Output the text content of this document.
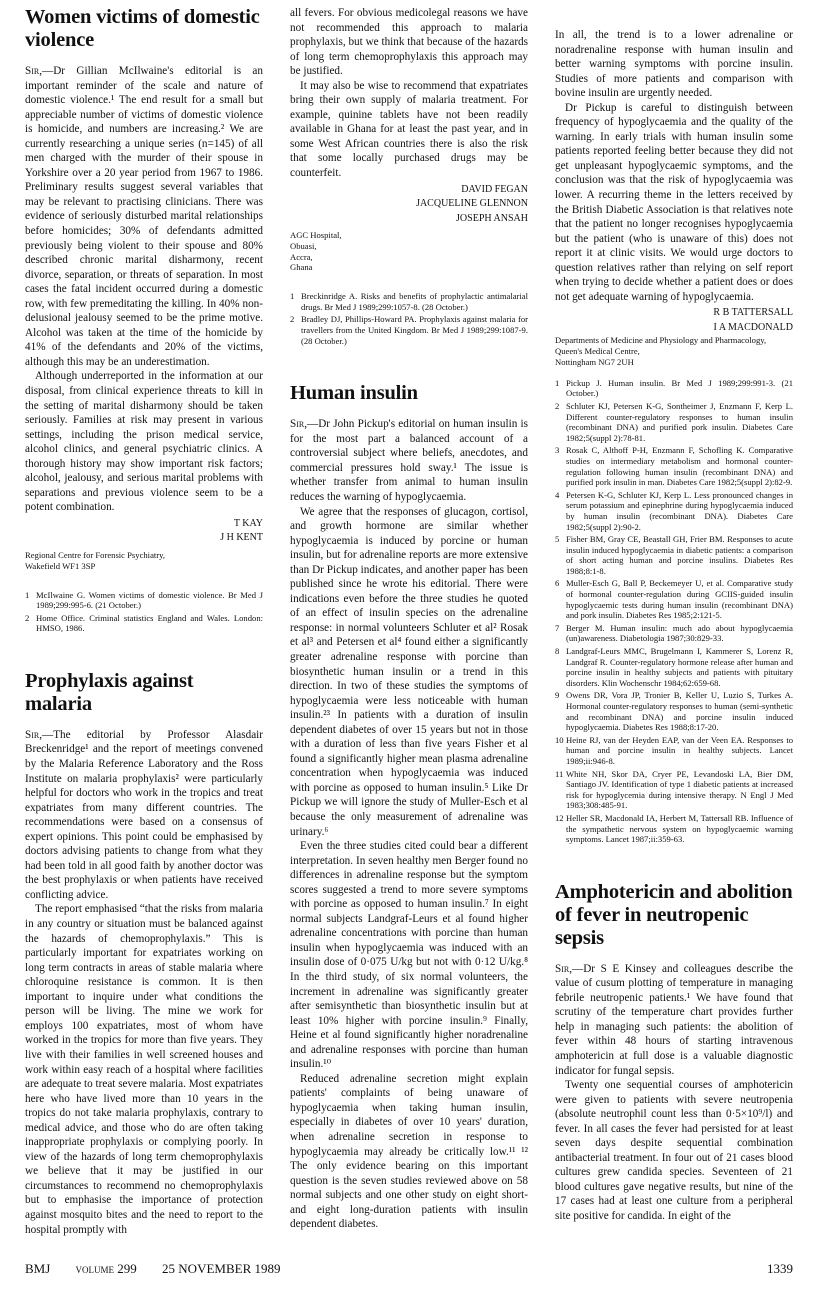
Women victims of domestic violence

Sir,—Dr Gillian McIlwaine's editorial is an important reminder of the scale and nature of domestic violence.¹ The end result for a small but appreciable number of victims of domestic violence is homicide, and numbers are increasing.² We are currently researching a unique series (n=145) of all men charged with the murder of their spouse in Yorkshire over a 20 year period from 1967 to 1986. Preliminary results suggest several variables that may be relevant to practising clinicians. There was evidence of seriously disturbed marital relationships before homicides; 30% of defendants admitted previously being violent to their spouse and 80% described chronic marital disharmony, recent divorce, separation, or threats of separation. In most cases the fatal incident occurred during a domestic row, with few premeditating the killing. In 40% non-delusional jealousy seemed to be the prime motive. Alcohol was taken at the time of the homicide by 41% of the defendants and 20% of the victims, although this may be an underestimation.

Although underreported in the information at our disposal, from clinical experience threats to kill in the setting of marital disharmony should be taken seriously. Families at risk may present in various settings, including the prison medical service, alcohol clinics, and general psychiatric clinics. A thorough history may show important risk factors; alcohol, jealousy, and serious marital problems with separations and previous violence seem to be a potent combination.

T KAY
J H KENT
Regional Centre for Forensic Psychiatry,
Wakefield WF1 3SP
1 McIlwaine G. Women victims of domestic violence. Br Med J 1989;299:995-6. (21 October.)
2 Home Office. Criminal statistics England and Wales. London: HMSO, 1986.
Prophylaxis against malaria

Sir,—The editorial by Professor Alasdair Breckenridge¹ and the report of meetings convened by the Malaria Reference Laboratory and the Ross Institute on malaria prophylaxis² were particularly helpful for doctors who work in the tropics and treat expatriates from many different countries. The recommendations were based on a consensus of expert opinions. This point could be emphasised by doctors advising patients to change from what they had been told in all good faith by another doctor was the best prophylaxis or when patients have received conflicting advice.

The report emphasised “that the risks from malaria in any country or situation must be balanced against the hazards of chemoprophylaxis.” This is particularly important for expatriates working on long term contracts in areas of stable malaria where chloroquine resistance is common. It is then important to inquire under what conditions the person will be living. The mine we work for employs 100 expatriates, most of whom have worked in the tropics for more than five years. They live with their families in well screened houses and work within easy reach of a hospital where facilities are adequate to treat severe malaria. Most expatriates here who have lived more than 10 years in the tropics do not take malaria prophylaxis, contrary to medical advice, and those who do are often taking inappropriate prophylaxis or complying poorly. In view of the hazards of long term chemoprophylaxis we believe that it may be justified in our circumstances to recommend no chemoprophylaxis but to emphasise the importance of protection against mosquito bites and the need to report to the hospital promptly with

all fevers. For obvious medicolegal reasons we have not recommended this approach to malaria prophylaxis, but we think that because of the hazards of long term chemoprophylaxis this approach may be justified.

It may also be wise to recommend that expatriates bring their own supply of malaria treatment. For example, quinine tablets have not been readily available in Ghana for at least the past year, and in some West African countries there is also the risk that some locally purchased drugs may be counterfeit.

DAVID FEGAN
JACQUELINE GLENNON
JOSEPH ANSAH
AGC Hospital,
Obuasi,
Accra,
Ghana
1 Breckinridge A. Risks and benefits of prophylactic antimalarial drugs. Br Med J 1989;299:1057-8. (28 October.)
2 Bradley DJ, Phillips-Howard PA. Prophylaxis against malaria for travellers from the United Kingdom. Br Med J 1989;299:1087-9. (28 October.)
Human insulin

Sir,—Dr John Pickup's editorial on human insulin is for the most part a balanced account of a controversial subject where beliefs, anecdotes, and commercial pressures hold sway.¹ The issue is whether transfer from animal to human insulin reduces the warning of hypoglycaemia.

We agree that the responses of glucagon, cortisol, and growth hormone are similar whether hypoglycaemia is induced by porcine or human insulin, but for adrenaline reports are more extensive than Dr Pickup indicates, and another paper has been published since he wrote his editorial. There were indications even before the three studies he quoted of an effect of insulin species on the adrenaline response: in normal volunteers Schluter et al² Rosak et al³ and Petersen et al⁴ found either a significantly greater adrenaline response with porcine than biosynthetic human insulin or a trend in this direction. In two of these studies the symptoms of hypoglycaemia were less noticeable with human insulin.²³ In patients with a duration of insulin dependent diabetes of over 15 years but not in those with a duration of less than five years Fisher et al found a significantly higher mean plasma adrenaline concentration when hypoglycaemia was induced with porcine as opposed to human insulin.⁵ Like Dr Pickup we will ignore the study of Muller-Esch et al because the only measurement of adrenaline was urinary.⁶

Even the three studies cited could bear a different interpretation. In seven healthy men Berger found no differences in adrenaline response but the symptom scores suggested a trend to more severe symptoms with porcine as opposed to human insulin.⁷ In eight normal subjects Landgraf-Leurs et al found higher adrenaline concentrations with porcine than human insulin when hypoglycaemia was induced with an insulin dose of 0·075 U/kg but not with 0·12 U/kg.⁸ In the third study, of six normal volunteers, the increment in adrenaline was significantly greater after semisynthetic than biosynthetic insulin but at least 10% higher with porcine insulin.⁹ Finally, Heine et al found significantly higher noradrenaline and adrenaline responses with porcine than human insulin.¹⁰

Reduced adrenaline secretion might explain patients' complaints of being unaware of hypoglycaemia when taking human insulin, especially in diabetes of over 10 years' duration, when adrenaline secretion in response to hypoglycaemia may already be critically low.¹¹ ¹² The only evidence bearing on this important question is the seven studies reviewed above on 58 normal subjects and one other study on eight short- and eight long-duration patients with insulin dependent diabetes.

In all, the trend is to a lower adrenaline or noradrenaline response with human insulin and better warning symptoms with porcine insulin. Studies of more patients and comparison with bovine insulin are urgently needed.

Dr Pickup is careful to distinguish between frequency of hypoglycaemia and the quality of the warning. In early trials with human insulin some patients reported feeling better because they did not get unpleasant hypoglycaemic symptoms, and the conclusion was that the risk of hypoglycaemia was lower. A recurring theme in the letters received by the British Diabetic Association is that relatives note that the patient no longer recognises hypoglycaemia but the patient (who is unaware of this) does not report it at clinic visits. We would urge doctors to question relatives rather than relying on self report when trying to decide whether a patient does or does not get adequate warning of hypoglycaemia.

R B TATTERSALL
I A MACDONALD
Departments of Medicine and Physiology and Pharmacology,
Queen's Medical Centre,
Nottingham NG7 2UH
1 Pickup J. Human insulin. Br Med J 1989;299:991-3. (21 October.)
2 Schluter KJ, Petersen K-G, Sontheimer J, Enzmann F, Kerp L. Different counter-regulatory responses to human insulin (recombinant DNA) and purified pork insulin. Diabetes Care 1982;5(suppl 2):78-81.
3 Rosak C, Althoff P-H, Enzmann F, Schofling K. Comparative studies on intermediary metabolism and hormonal counter-regulation following human insulin (recombinant DNA) and purified pork insulin in man. Diabetes Care 1982;5(suppl 2):82-9.
4 Petersen K-G, Schluter KJ, Kerp L. Less pronounced changes in serum potassium and epinephrine during hypoglycaemia induced by human insulin (recombinant DNA). Diabetes Care 1982;5(suppl 2):90-2.
5 Fisher BM, Gray CE, Beastall GH, Frier BM. Responses to acute insulin induced hypoglycaemia in diabetic patients: a comparison of short acting human and porcine insulins. Diabetes Res 1988;8:1-8.
6 Muller-Esch G, Ball P, Beckemeyer U, et al. Comparative study of hormonal counter-regulation during GCIIS-guided insulin hypoglycaemic tests during human insulin (recombinant DNA) and pork insulin. Diabetes Res 1985;2:121-5.
7 Berger M. Human insulin: much ado about hypoglycaemia (un)awareness. Diabetologia 1987;30:829-33.
8 Landgraf-Leurs MMC, Brugelmann I, Kammerer S, Lorenz R, Landgraf R. Counter-regulatory hormone release after human and porcine insulin in healthy subjects and patients with pituitary disorders. Klin Wochenschr 1984;62:659-68.
9 Owens DR, Vora JP, Tronier B, Keller U, Luzio S, Turkes A. Hormonal counter-regulatory responses to human (semi-synthetic and recombinant DNA) and porcine insulin induced hypoglycaemia. Diabetes Res 1988;8:17-20.
10 Heine RJ, van der Heyden EAP, van der Veen EA. Responses to human and porcine insulin in healthy subjects. Lancet 1989;ii:946-8.
11 White NH, Skor DA, Cryer PE, Levandoski LA, Bier DM, Santiago JV. Identification of type 1 diabetic patients at increased risk for hypoglycemia during intensive therapy. N Engl J Med 1983;308:485-91.
12 Heller SR, Macdonald IA, Herbert M, Tattersall RB. Influence of the sympathetic nervous system on hypoglycaemic warning symptoms. Lancet 1987;ii:359-63.
Amphotericin and abolition of fever in neutropenic sepsis

Sir,—Dr S E Kinsey and colleagues describe the value of cusum plotting of temperature in managing febrile neutropenic patients.¹ We have found that scrutiny of the temperature chart provides further help in managing such patients: the abolition of fever within 48 hours of starting intravenous amphotericin at full dose is a valuable diagnostic indicator for fungal sepsis.

Twenty one sequential courses of amphotericin were given to patients with severe neutropenia (absolute neutrophil count less than 0·5×10⁹/l) and fever. In all cases the fever had persisted for at least seven days despite sequential combination antibacterial treatment. In four out of 21 cases blood cultures grew candida species. Seventeen of 21 blood cultures gave negative results, but nine of the 17 cases had at least one culture from a peripheral site positive for candida. In eight of the

BMJ volume 299 25 NOVEMBER 1989	1339
